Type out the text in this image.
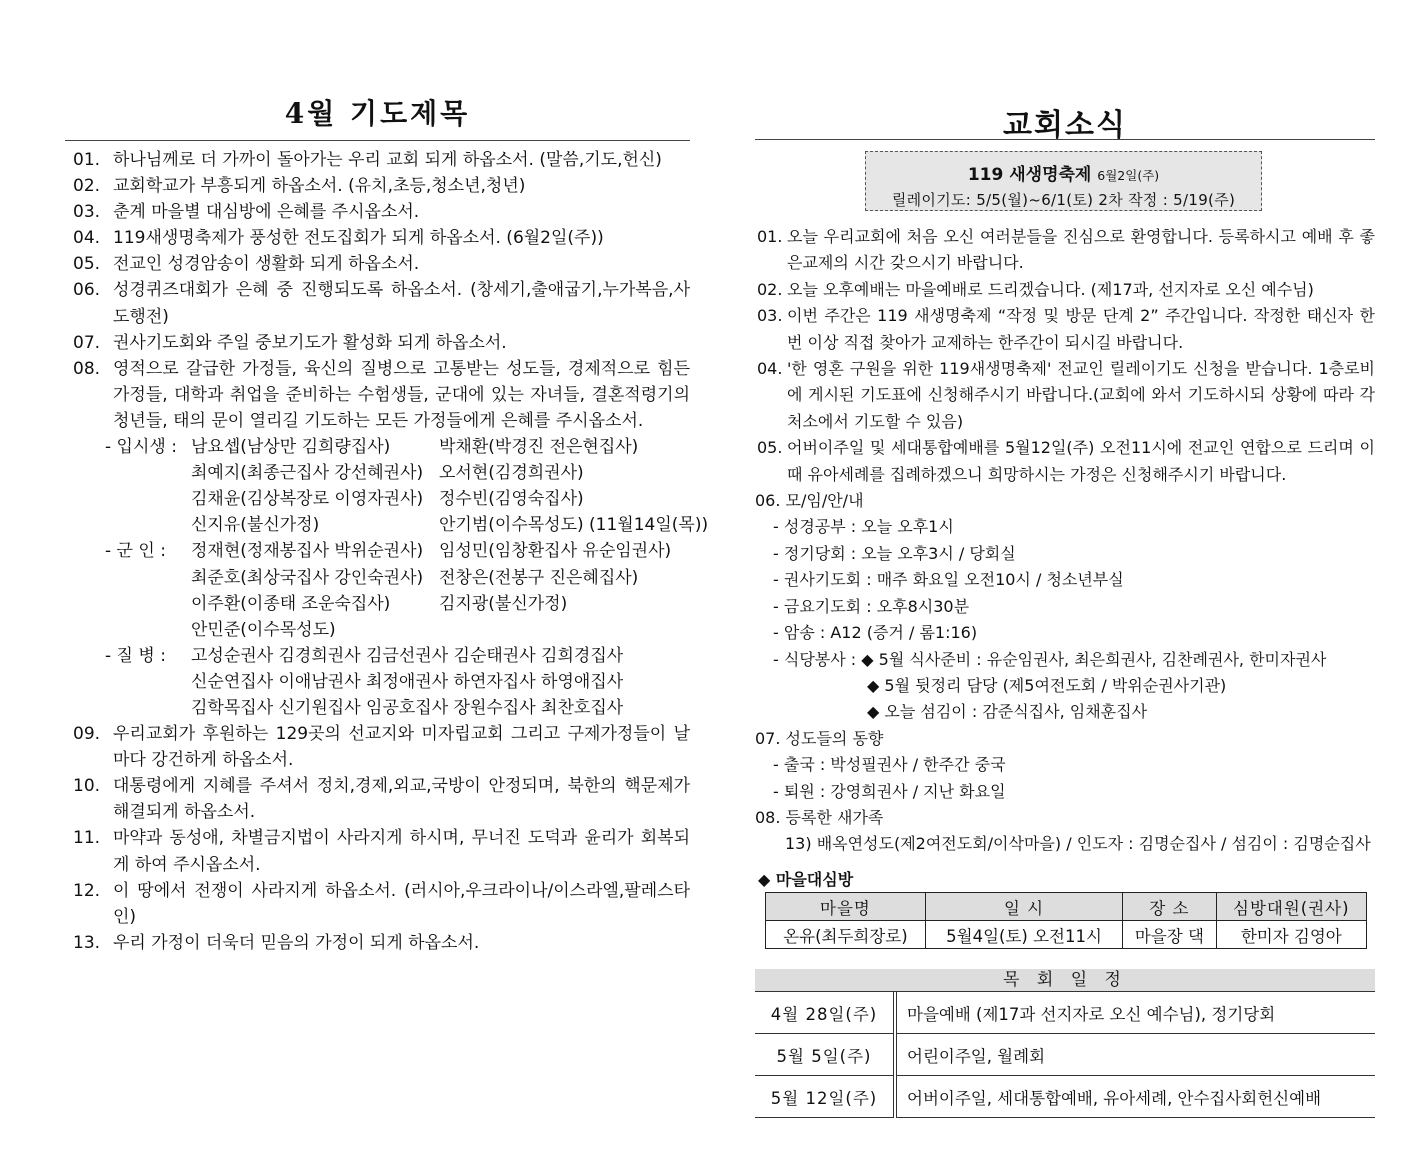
4월 기도제목
01. 하나님께로 더 가까이 돌아가는 우리 교회 되게 하옵소서. (말씀,기도,헌신)
02. 교회학교가 부흥되게 하옵소서. (유치,초등,청소년,청년)
03. 춘계 마을별 대심방에 은혜를 주시옵소서.
04. 119새생명축제가 풍성한 전도집회가 되게 하옵소서. (6월2일(주))
05. 전교인 성경암송이 생활화 되게 하옵소서.
06. 성경퀴즈대회가 은혜 중 진행되도록 하옵소서. (창세기,출애굽기,누가복음,사도행전)
07. 권사기도회와 주일 중보기도가 활성화 되게 하옵소서.
08. 영적으로 갈급한 가정들, 육신의 질병으로 고통받는 성도들, 경제적으로 힘든 가정들, 대학과 취업을 준비하는 수험생들, 군대에 있는 자녀들, 결혼적령기의 청년들, 태의 문이 열리길 기도하는 모든 가정들에게 은혜를 주시옵소서.
- 입시생 : 남요셉(남상만 김희량집사)	박채환(박경진 전은현집사)
최예지(최종근집사 강선혜권사) 오서현(김경희권사)
김채윤(김상복장로 이영자권사) 정수빈(김영숙집사)
신지유(불신가정)	안기범(이수목성도) (11월14일(목))
- 군 인 :	정재현(정재봉집사 박위순권사) 임성민(임창환집사 유순임권사)
최준호(최상국집사 강인숙권사) 전창은(전봉구 진은혜집사)
이주환(이종태 조운숙집사)	김지광(불신가정)
안민준(이수목성도)
- 질 병 :	고성순권사 김경희권사 김금선권사 김순태권사 김희경집사
신순연집사 이애남권사 최정애권사 하연자집사 하영애집사
김학목집사 신기원집사 임공호집사 장원수집사 최찬호집사
09. 우리교회가 후원하는 129곳의 선교지와 미자립교회 그리고 구제가정들이 날마다 강건하게 하옵소서.
10. 대통령에게 지혜를 주셔서 정치,경제,외교,국방이 안정되며, 북한의 핵문제가 해결되게 하옵소서.
11. 마약과 동성애, 차별금지법이 사라지게 하시며, 무너진 도덕과 윤리가 회복되게 하여 주시옵소서.
12. 이 땅에서 전쟁이 사라지게 하옵소서. (러시아,우크라이나/이스라엘,팔레스타인)
13. 우리 가정이 더욱더 믿음의 가정이 되게 하옵소서.
교회소식
119 새생명축제 6월2일(주)
릴레이기도: 5/5(월)~6/1(토) 2차 작정 : 5/19(주)
01. 오늘 우리교회에 처음 오신 여러분들을 진심으로 환영합니다. 등록하시고 예배 후 좋은교제의 시간 갖으시기 바랍니다.
02. 오늘 오후예배는 마을예배로 드리겠습니다. (제17과, 선지자로 오신 예수님)
03. 이번 주간은 119 새생명축제 “작정 및 방문 단계 2” 주간입니다. 작정한 태신자 한 번 이상 직접 찾아가 교제하는 한주간이 되시길 바랍니다.
04. '한 영혼 구원을 위한 119새생명축제' 전교인 릴레이기도 신청을 받습니다. 1층로비에 게시된 기도표에 신청해주시기 바랍니다.(교회에 와서 기도하시되 상황에 따라 각 처소에서 기도할 수 있음)
05. 어버이주일 및 세대통합예배를 5월12일(주) 오전11시에 전교인 연합으로 드리며 이때 유아세례를 집례하겠으니 희망하시는 가정은 신청해주시기 바랍니다.
06. 모/임/안/내
- 성경공부 : 오늘 오후1시
- 정기당회 : 오늘 오후3시 / 당회실
- 권사기도회 : 매주 화요일 오전10시 / 청소년부실
- 금요기도회 : 오후8시30분
- 암송 : A12 (증거 / 롬1:16)
- 식당봉사 : ◆ 5월 식사준비 : 유순임권사, 최은희권사, 김찬례권사, 한미자권사
◆ 5월 뒷정리 담당 (제5여전도회 / 박위순권사기관)
◆ 오늘 섬김이 : 감준식집사, 임채훈집사
07. 성도들의 동향
- 출국 : 박성필권사 / 한주간 중국
- 퇴원 : 강영희권사 / 지난 화요일
08. 등록한 새가족
13) 배옥연성도(제2여전도회/이삭마을) / 인도자 : 김명순집사 / 섬김이 : 김명순집사
◆ 마을대심방
마을명	일 시	장 소	심방대원(권사)
온유(최두희장로)	5월4일(토) 오전11시	마을장 댁	한미자 김영아
목 회 일 정
4월 28일(주)	마을예배 (제17과 선지자로 오신 예수님), 정기당회
5월 5일(주)	어린이주일, 월례회
5월 12일(주)	어버이주일, 세대통합예배, 유아세례, 안수집사회헌신예배
